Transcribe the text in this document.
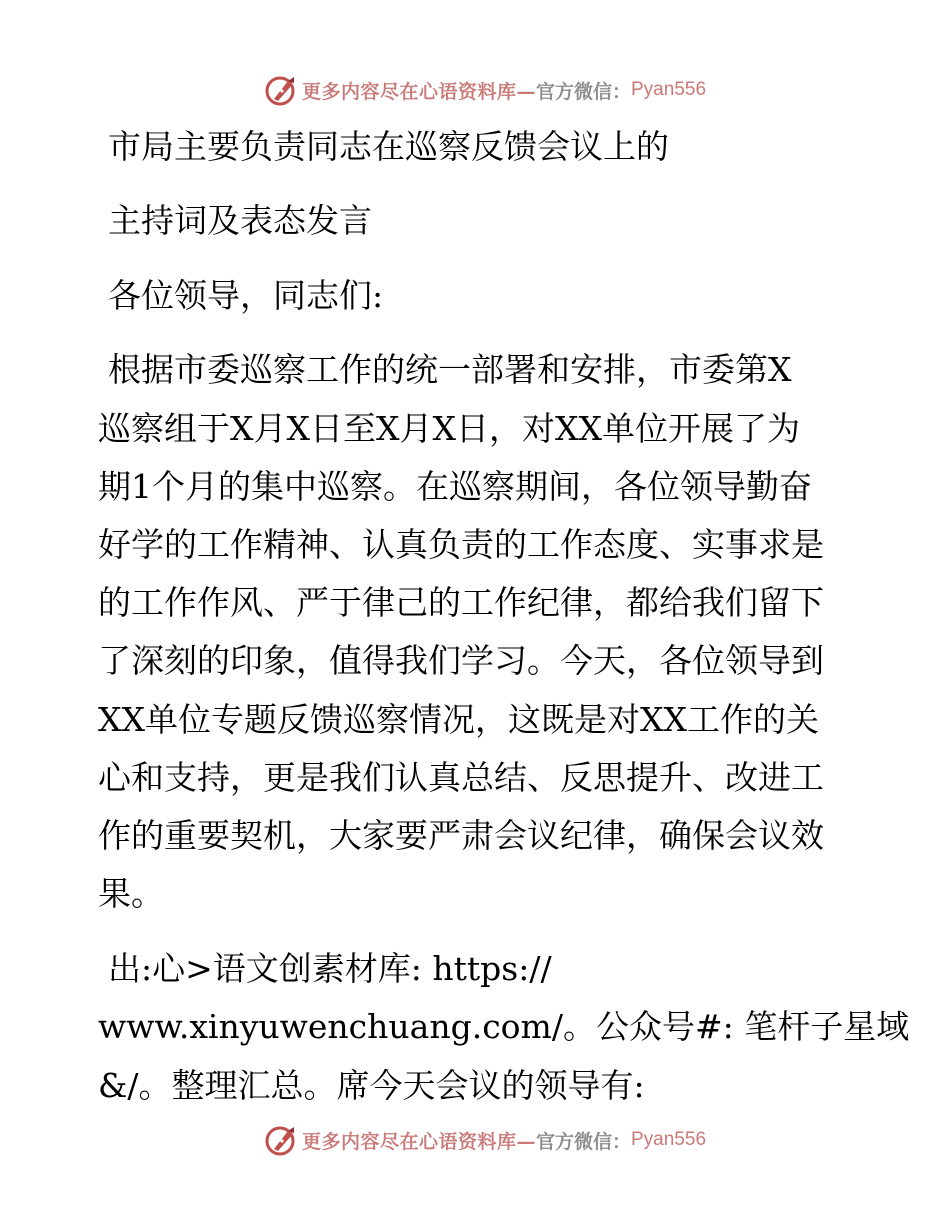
更多内容尽在心语资料库— 官方微信： Pyan556
市局主要负责同志在巡察反馈会议上的
主持词及表态发言
各位领导，同志们:
根据市委巡察工作的统一部署和安排，市委第X
巡察组于X月X日至X月X日，对XX单位开展了为
期1个月的集中巡察。在巡察期间，各位领导勤奋
好学的工作精神、认真负责的工作态度、实事求是
的工作作风、严于律己的工作纪律，都给我们留下
了深刻的印象，值得我们学习。今天，各位领导到
XX单位专题反馈巡察情况，这既是对XX工作的关
心和支持，更是我们认真总结、反思提升、改进工
作的重要契机，大家要严肃会议纪律，确保会议效
果。
出:心>语文创素材库: https://
www.xinyuwenchuang.com/。公众号#: 笔杆子星域
&/。整理汇总。席今天会议的领导有:
更多内容尽在心语资料库— 官方微信： Pyan556
